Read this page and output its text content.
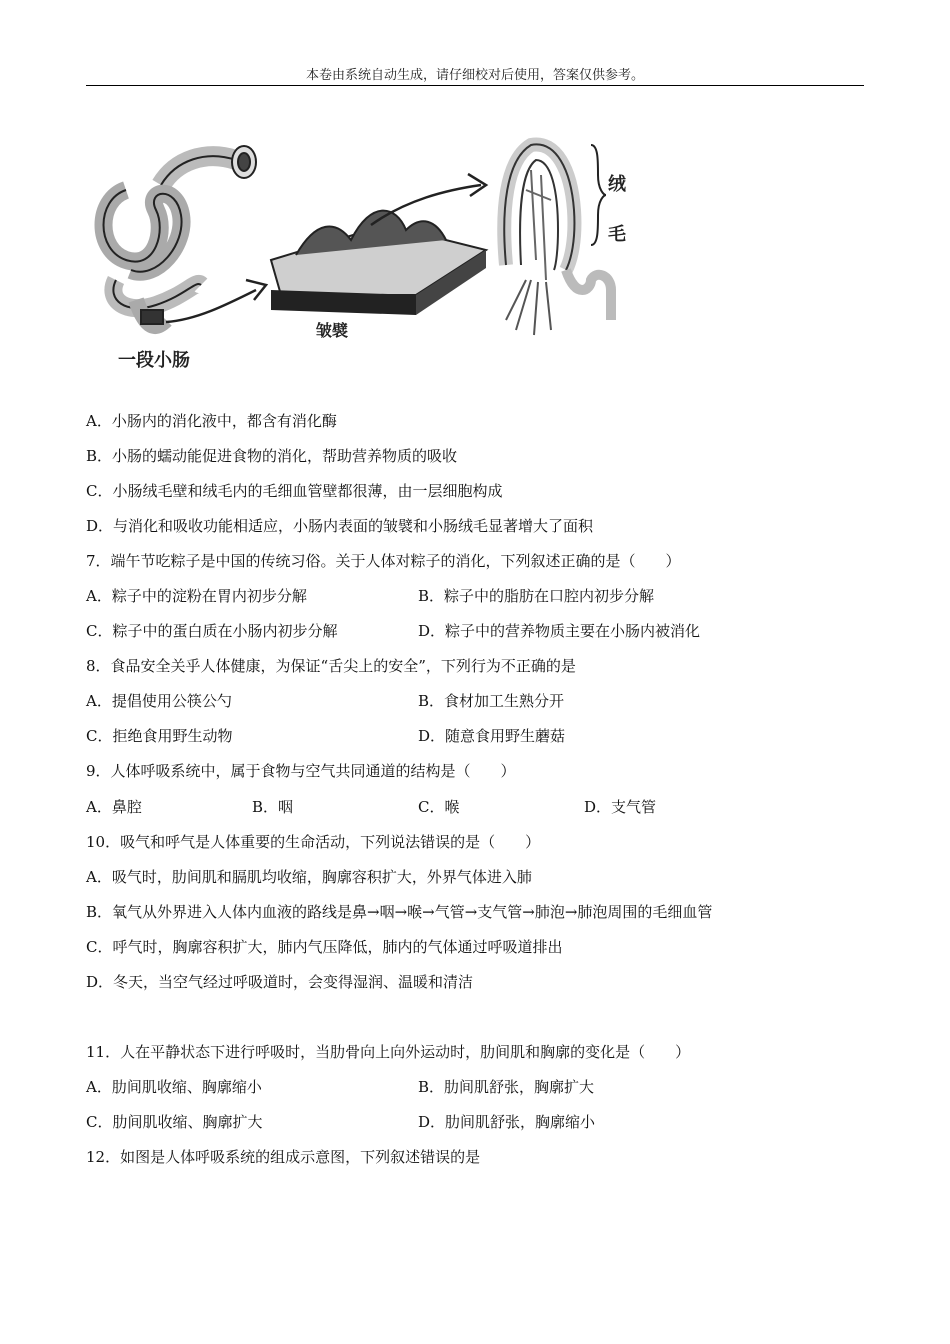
本卷由系统自动生成，请仔细校对后使用，答案仅供参考。
一段小肠
皱襞
绒
毛
A．小肠内的消化液中，都含有消化酶
B．小肠的蠕动能促进食物的消化，帮助营养物质的吸收
C．小肠绒毛壁和绒毛内的毛细血管壁都很薄，由一层细胞构成
D．与消化和吸收功能相适应，小肠内表面的皱襞和小肠绒毛显著增大了面积
7．端午节吃粽子是中国的传统习俗。关于人体对粽子的消化，下列叙述正确的是（　　）
A．粽子中的淀粉在胃内初步分解	B．粽子中的脂肪在口腔内初步分解
C．粽子中的蛋白质在小肠内初步分解	D．粽子中的营养物质主要在小肠内被消化
8．食品安全关乎人体健康，为保证“舌尖上的安全”，下列行为不正确的是
A．提倡使用公筷公勺	B．食材加工生熟分开
C．拒绝食用野生动物	D．随意食用野生蘑菇
9．人体呼吸系统中，属于食物与空气共同通道的结构是（　　）
A．鼻腔	B．咽	C．喉	D．支气管
10．吸气和呼气是人体重要的生命活动，下列说法错误的是（　　）
A．吸气时，肋间肌和膈肌均收缩，胸廓容积扩大，外界气体进入肺
B．氧气从外界进入人体内血液的路线是鼻→咽→喉→气管→支气管→肺泡→肺泡周围的毛细血管
C．呼气时，胸廓容积扩大，肺内气压降低，肺内的气体通过呼吸道排出
D．冬天，当空气经过呼吸道时，会变得湿润、温暖和清洁
11．人在平静状态下进行呼吸时，当肋骨向上向外运动时，肋间肌和胸廓的变化是（　　）
A．肋间肌收缩、胸廓缩小	B．肋间肌舒张，胸廓扩大
C．肋间肌收缩、胸廓扩大	D．肋间肌舒张，胸廓缩小
12．如图是人体呼吸系统的组成示意图，下列叙述错误的是
